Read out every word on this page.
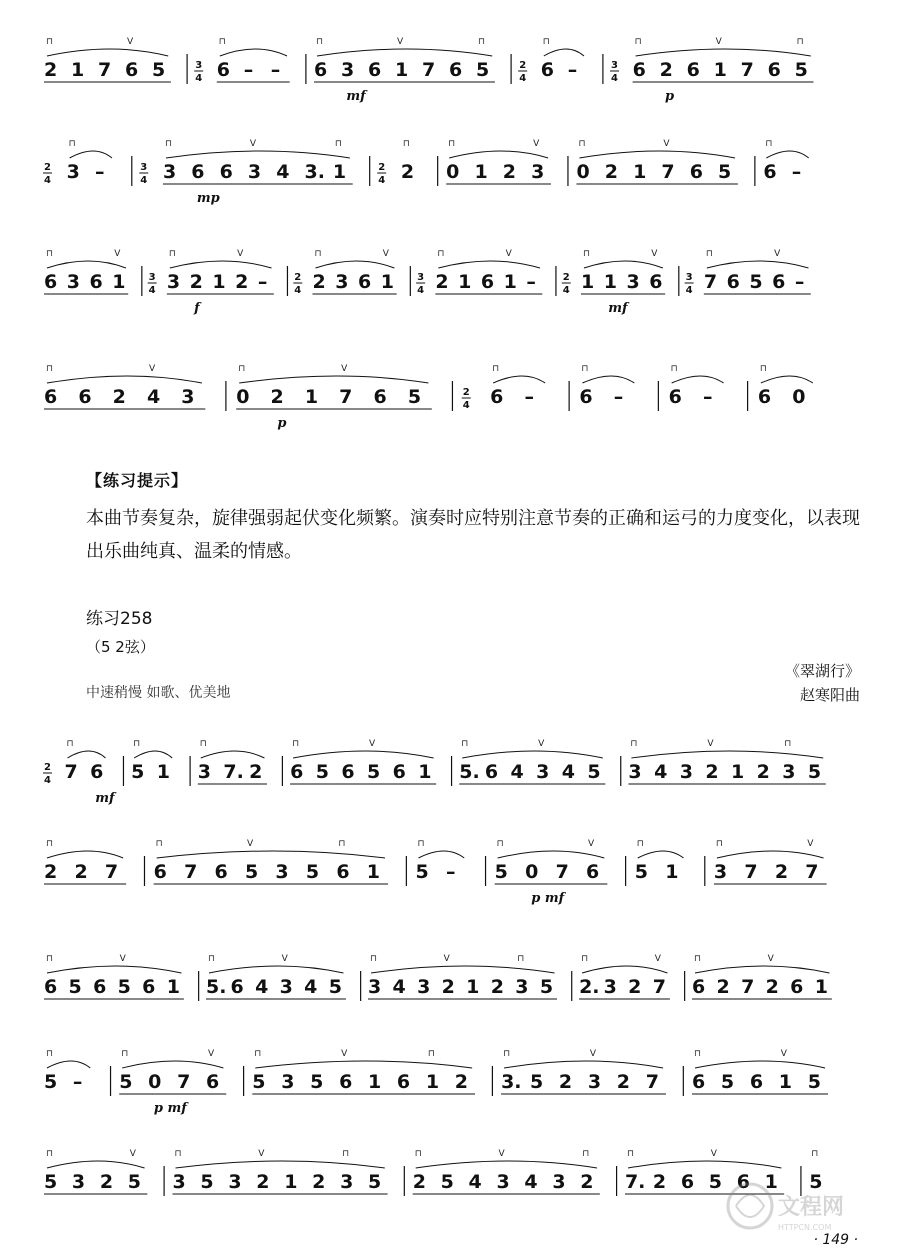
2
⊓
1 7 6
V
5	3
4 6
⊓
– – 6
⊓
3 6 1
V
7 6 5
⊓
mf
2
4 6
⊓
–	3
4 6
⊓
2 6 1
V
7 6 5
⊓
p
2
4 3
⊓
–	3
4 3
⊓
6 6 3
V
4 3. 1
⊓
mp
2
4 2
⊓
0
⊓
1 2 3
V
0
⊓
2 1 7
V
6 5 6
⊓
–
6
⊓
3 6 1
V
3
4 3
⊓
2 1 2
V
–
f
2
4 2
⊓
3 6 1
V
3
4 2
⊓
1 6 1
V
–	2
4 1
⊓
1 3 6
V
mf
3
4 7
⊓
6 5 6
V
–
6
⊓
6 2 4
V
3 0
⊓
2 1 7
V
6 5
p
2
4 6
⊓
– 6
⊓
– 6
⊓
– 6
⊓
0
【练习提示】
本曲节奏复杂，旋律强弱起伏变化频繁。演奏时应特别注意节奏的正确和运弓的力度变化，以表现出乐曲纯真、温柔的情感。
练习258
（5 2弦）
中速稍慢 如歌、优美地
《翠湖行》
赵寒阳曲
2
4 7
⊓
6
mf
5
⊓
1 3
⊓
7. 2 6
⊓
5 6 5
V
6 1 5.
⊓
6 4 3
V
4 5 3
⊓
4 3 2
V
1 2 3
⊓
5
2
⊓
2 7 6
⊓
7 6 5
V
3 5 6
⊓
1 5
⊓
– 5
⊓
0 7 6
V
p mf
5
⊓
1 3
⊓
7 2 7
V
6
⊓
5 6 5
V
6 1 5.
⊓
6 4 3
V
4 5 3
⊓
4 3 2
V
1 2 3
⊓
5 2.
⊓
3 2 7
V
6
⊓
2 7 2
V
6 1
5
⊓
– 5
⊓
0 7 6
V
p mf
5
⊓
3 5 6
V
1 6 1
⊓
2 3.
⊓
5 2 3
V
2 7 6
⊓
5 6 1
V
5
5
⊓
3 2 5
V
3
⊓
5 3 2
V
1 2 3
⊓
5 2
⊓
5 4 3
V
4 3 2
⊓
7.
⊓
2 6 5
V
6 1 5
⊓
文程网
HTTPCN.COM
· 149 ·
